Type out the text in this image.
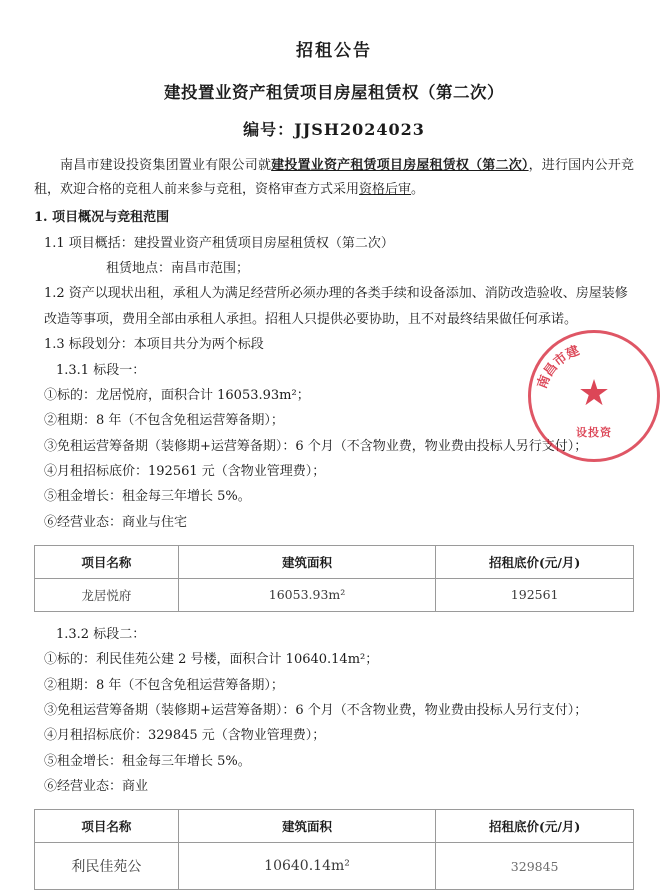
南昌市建
★
设投资
招租公告
建投置业资产租赁项目房屋租赁权（第二次）
编号：JJSH2024023

南昌市建设投资集团置业有限公司就建投置业资产租赁项目房屋租赁权（第二次），进行国内公开竞租，欢迎合格的竞租人前来参与竞租，资格审查方式采用资格后审。

1. 项目概况与竞租范围
1.1 项目概括：建投置业资产租赁项目房屋租赁权（第二次）
租赁地点：南昌市范围；
1.2 资产以现状出租，承租人为满足经营所必须办理的各类手续和设备添加、消防改造验收、房屋装修改造等事项，费用全部由承租人承担。招租人只提供必要协助，且不对最终结果做任何承诺。
1.3 标段划分：本项目共分为两个标段
1.3.1 标段一：
①标的：龙居悦府，面积合计 16053.93m²；
②租期：8 年（不包含免租运营筹备期）；
③免租运营筹备期（装修期+运营筹备期）：6 个月（不含物业费，物业费由投标人另行支付）；
④月租招标底价：192561 元（含物业管理费）；
⑤租金增长：租金每三年增长 5%。
⑥经营业态：商业与住宅
项目名称	建筑面积	招租底价(元/月)
龙居悦府	16053.93m²	192561
1.3.2 标段二：
①标的：利民佳苑公建 2 号楼，面积合计 10640.14m²；
②租期：8 年（不包含免租运营筹备期）；
③免租运营筹备期（装修期+运营筹备期）：6 个月（不含物业费，物业费由投标人另行支付）；
④月租招标底价：329845 元（含物业管理费）；
⑤租金增长：租金每三年增长 5%。
⑥经营业态：商业
项目名称	建筑面积	招租底价(元/月)
利民佳苑公	10640.14m²	329845
